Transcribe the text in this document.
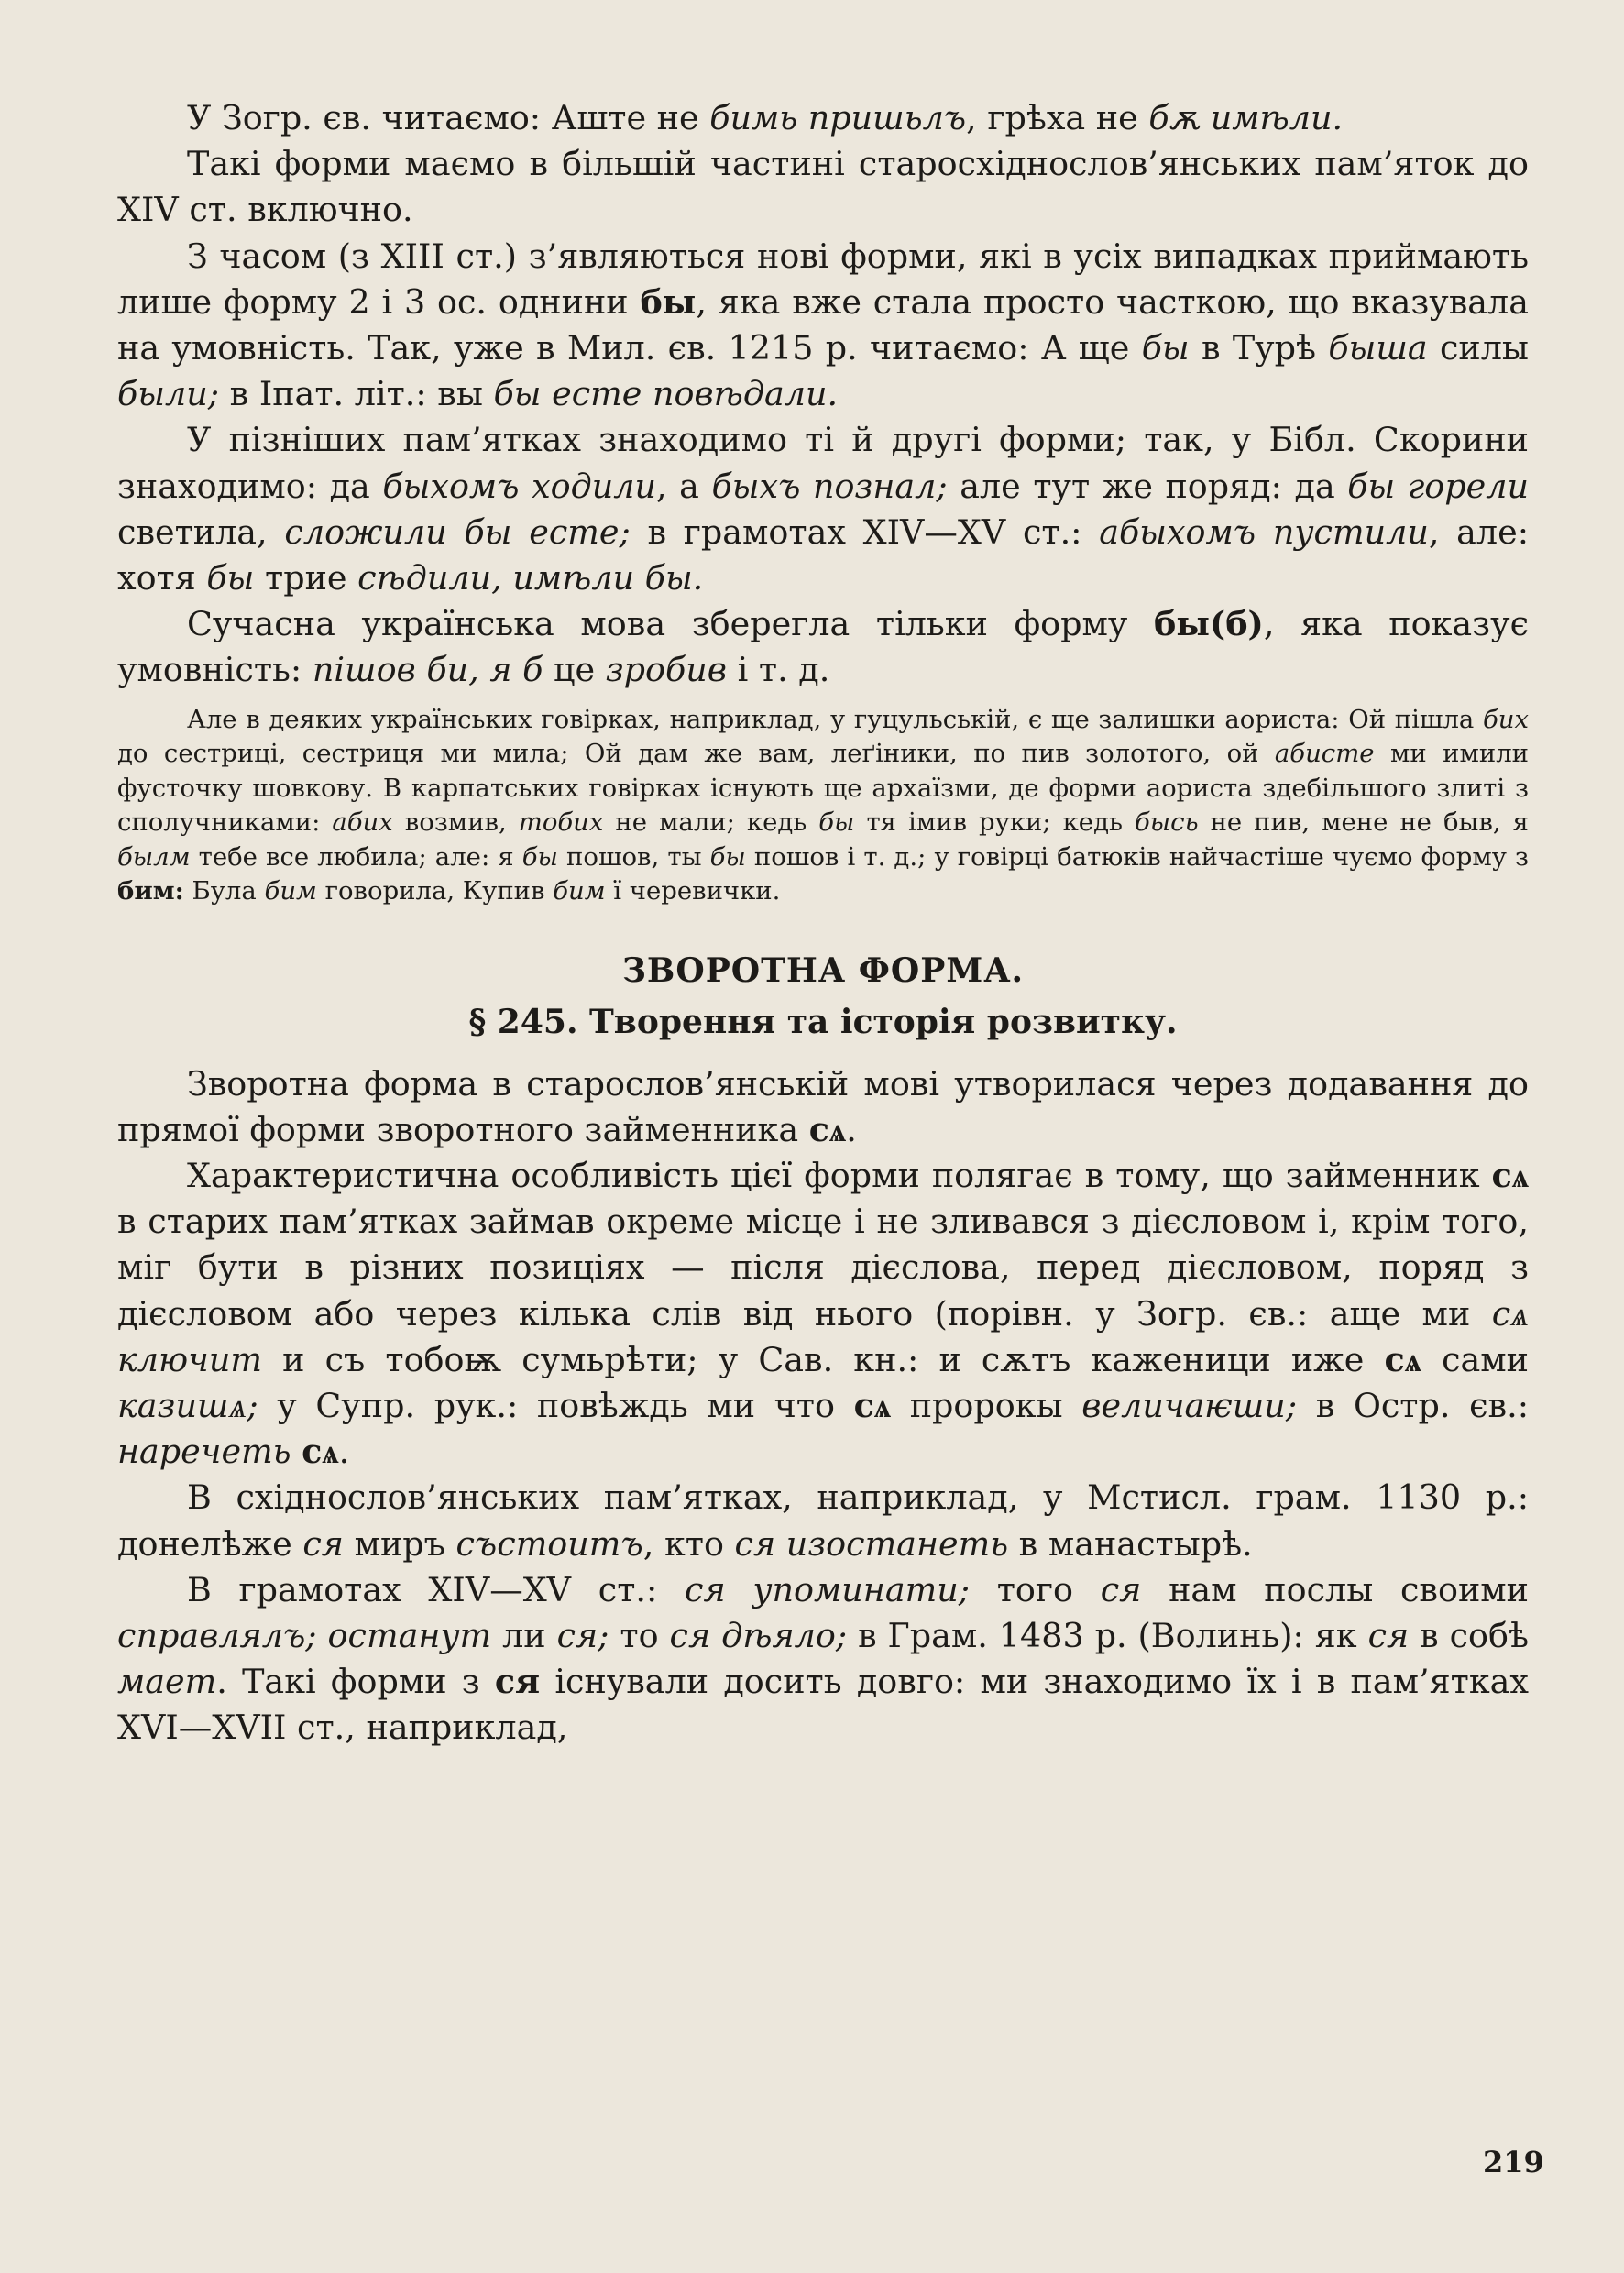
У Зогр. єв. читаємо: Аште не бимь пришьлъ, грѣха не бѫ имѣли.

Такі форми маємо в більшій частині старосхіднослов’янських пам’яток до XIV ст. включно.

З часом (з XIII ст.) з’являються нові форми, які в усіх випадках приймають лише форму 2 і 3 ос. однини бы, яка вже стала просто часткою, що вказувала на умовність. Так, уже в Мил. єв. 1215 р. читаємо: А ще бы в Турѣ быша силы были; в Іпат. літ.: вы бы есте повѣдали.

У пізніших пам’ятках знаходимо ті й другі форми; так, у Бібл. Скорини знаходимо: да быхомъ ходили, а быхъ познал; але тут же поряд: да бы горели светила, сложили бы есте; в грамотах XIV—XV ст.: абыхомъ пустили, але: хотя бы трие сѣдили, имѣли бы.

Сучасна українська мова зберегла тільки форму бы(б), яка показує умовність: пішов би, я б це зробив і т. д.

Але в деяких українських говірках, наприклад, у гуцульській, є ще залишки аориста: Ой пішла бих до сестриці, сестриця ми мила; Ой дам же вам, леґіники, по пив золотого, ой абисте ми имили фусточку шовкову. В карпатських говірках існують ще архаїзми, де форми аориста здебільшого злиті з сполучниками: абих возмив, тобих не мали; кедь бы тя імив руки; кедь бысь не пив, мене не быв, я былм тебе все любила; але: я бы пошов, ты бы пошов і т. д.; у говірці батюків найчастіше чуємо форму з бим: Була бим говорила, Купив бим ї черевички.

ЗВОРОТНА ФОРМА.
§ 245. Творення та історія розвитку.

Зворотна форма в старослов’янській мові утворилася через додавання до прямої форми зворотного займенника сѧ.

Характеристична особливість цієї форми полягає в тому, що займенник сѧ в старих пам’ятках займав окреме місце і не зливався з дієсловом і, крім того, міг бути в різних позиціях — після дієслова, перед дієсловом, поряд з дієсловом або через кілька слів від нього (порівн. у Зогр. єв.: аще ми сѧ ключит и съ тобоѭ сумьрѣти; у Сав. кн.: и сѫтъ каженици иже сѧ сами казишѧ; у Супр. рук.: повѣждь ми что сѧ пророкы величаѥши; в Остр. єв.: наречеть сѧ.

В східнослов’янських пам’ятках, наприклад, у Мстисл. грам. 1130 р.: донелѣже ся миръ състоитъ, кто ся изостанеть в манастырѣ.

В грамотах XIV—XV ст.: ся упоминати; того ся нам послы своими справлялъ; останут ли ся; то ся дѣяло; в Грам. 1483 р. (Волинь): як ся в собѣ мает. Такі форми з ся існували досить довго: ми знаходимо їх і в пам’ятках XVI—XVII ст., наприклад,

219
